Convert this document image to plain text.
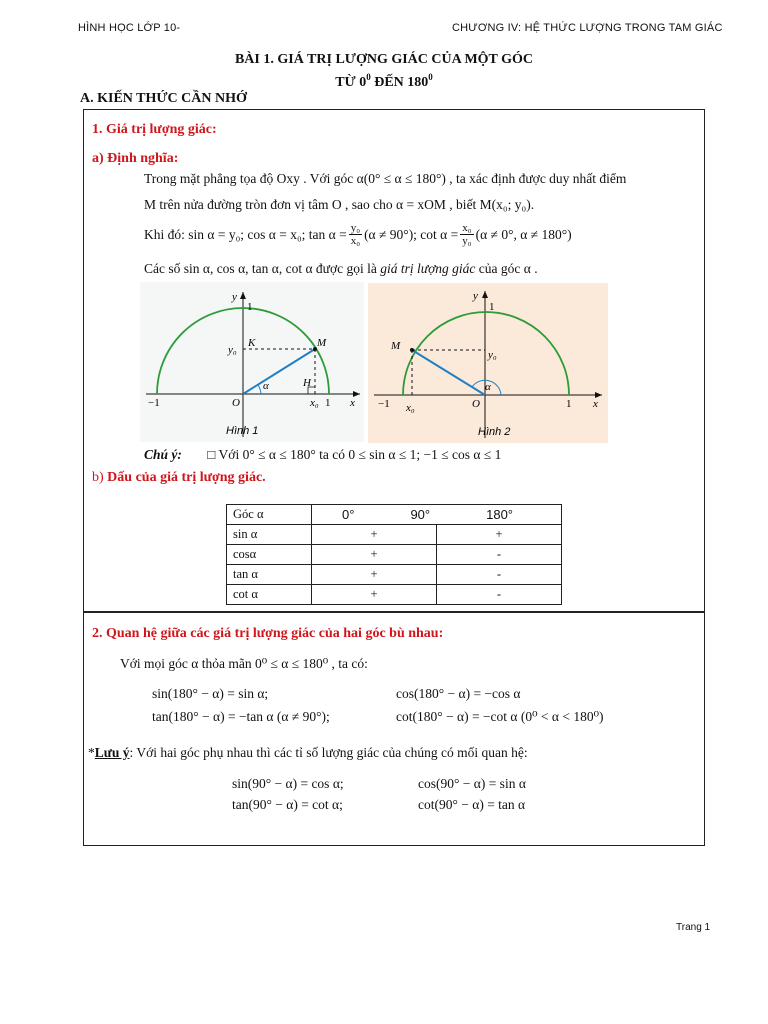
HÌNH HỌC LỚP 10-	CHƯƠNG IV: HỆ THỨC LƯỢNG TRONG TAM GIÁC
BÀI 1. GIÁ TRỊ LƯỢNG GIÁC CỦA MỘT GÓC
TỪ $0^0$ ĐẾN $180^0$
A. KIẾN THỨC CẦN NHỚ
1. Giá trị lượng giác:
a) Định nghĩa:
Trong mặt phẳng tọa độ Oxy . Với góc α(0° ≤ α ≤ 180°) , ta xác định được duy nhất điểm
M trên nửa đường tròn đơn vị tâm O , sao cho α = xOM , biết M(x₀; y₀).
Khi đó: sin α = y₀; cos α = x₀; $\tan \alpha = \frac{\text{y₀}}{\text{x₀}} (\alpha \ne 90^\circ)$; $\cot \alpha = \frac{\text{x₀}}{\text{y₀}} (\alpha \ne 0^\circ$, α ≠ 180°)
Các số sin α, cos α, tan α, cot α được gọi là giá trị lượng giác của góc α .
y
1
y₀
K	M
α	H
O	x₀ 1 x
−1
Hình 1
y
1
M
y₀
α
−1 x₀	O	1 x
Hình 2
Chú ý: □ Với 0° ≤ α ≤ 180° ta có 0 ≤ sin α ≤ 1; −1 ≤ cos α ≤ 1
b) Dấu của giá trị lượng giác.
Góc α	0° 90° 180°	

sin α	+	+
cosα	+	-
tan α	+	-
cot α	+	-
2. Quan hệ giữa các giá trị lượng giác của hai góc bù nhau:
Với mọi góc α thỏa mãn 0⁰ ≤ α ≤ 180⁰ , ta có:
sin(180° − α) = sin α;	cos(180° − α) = −cos α
tan(180° − α) = −tan α (α ≠ 90°);	cot(180° − α) = −cot α (0⁰ < α < 180⁰)
*Lưu ý: Với hai góc phụ nhau thì các tỉ số lượng giác của chúng có mối quan hệ:
sin(90° − α) = cos α;	cos(90° − α) = sin α
tan(90° − α) = cot α;	cot(90° − α) = tan α
Trang 1
